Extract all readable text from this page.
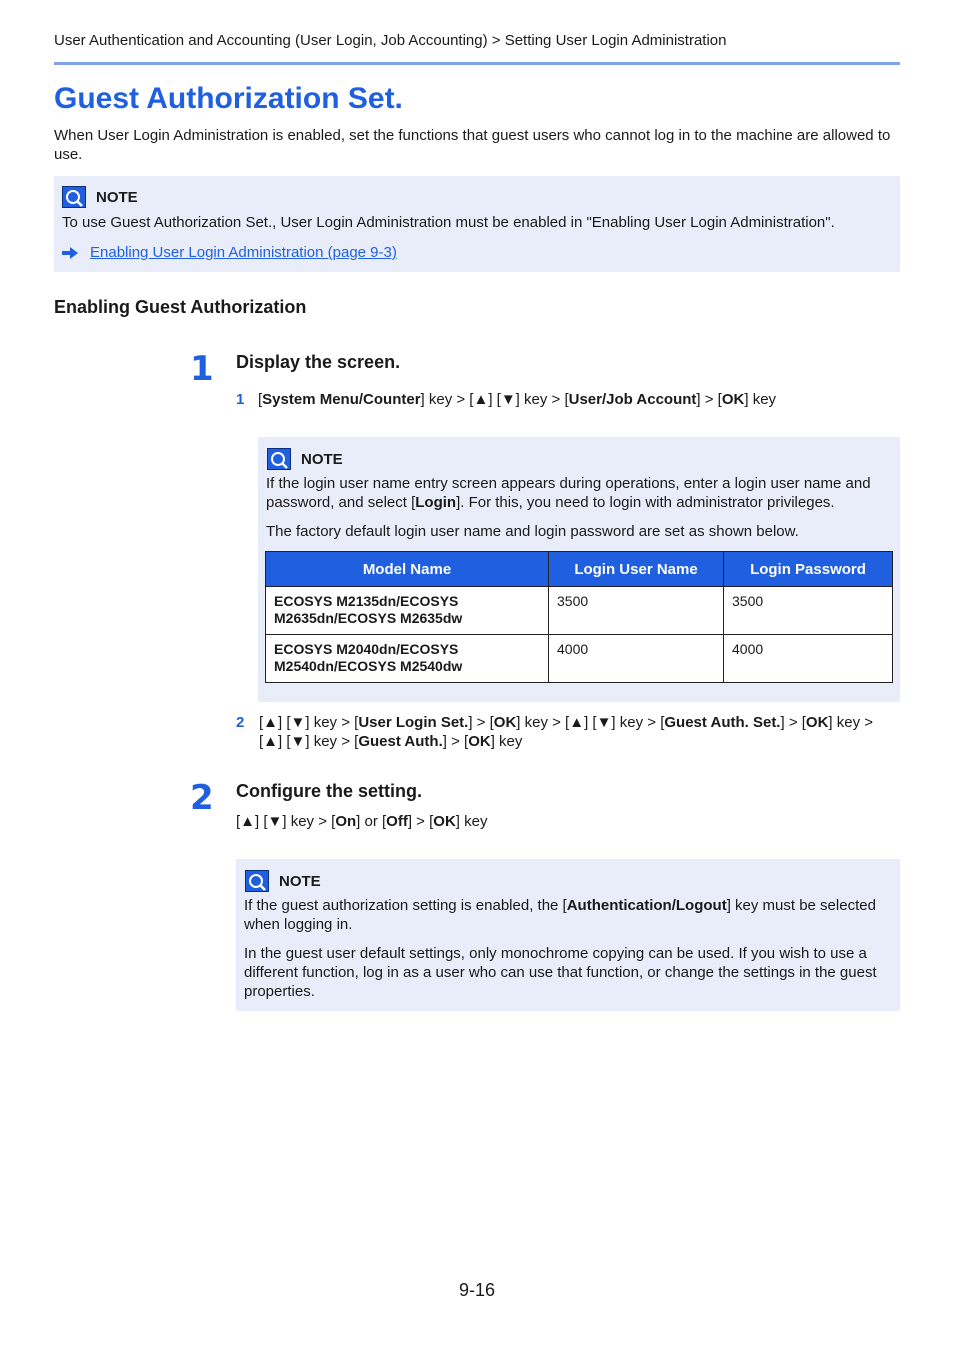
User Authentication and Accounting (User Login, Job Accounting) > Setting User Login Administration
Guest Authorization Set.

When User Login Administration is enabled, set the functions that guest users who cannot log in to the machine are allowed to use.

NOTE

To use Guest Authorization Set., User Login Administration must be enabled in "Enabling User Login Administration".

Enabling User Login Administration (page 9-3)
Enabling Guest Authorization
1 Display the screen.
1 [System Menu/Counter] key > [▲] [▼] key > [User/Job Account] > [OK] key
NOTE

If the login user name entry screen appears during operations, enter a login user name and password, and select [Login]. For this, you need to login with administrator privileges.

The factory default login user name and login password are set as shown below.

Model Name	Login User Name	Login Password
ECOSYS M2135dn/ECOSYS M2635dn/ECOSYS M2635dw	3500	3500
ECOSYS M2040dn/ECOSYS M2540dn/ECOSYS M2540dw	4000	4000
2 [▲] [▼] key > [User Login Set.] > [OK] key > [▲] [▼] key > [Guest Auth. Set.] > [OK] key > [▲] [▼] key > [Guest Auth.] > [OK] key
2 Configure the setting.
[▲] [▼] key > [On] or [Off] > [OK] key
NOTE

If the guest authorization setting is enabled, the [Authentication/Logout] key must be selected when logging in.

In the guest user default settings, only monochrome copying can be used. If you wish to use a different function, log in as a user who can use that function, or change the settings in the guest properties.

9-16
